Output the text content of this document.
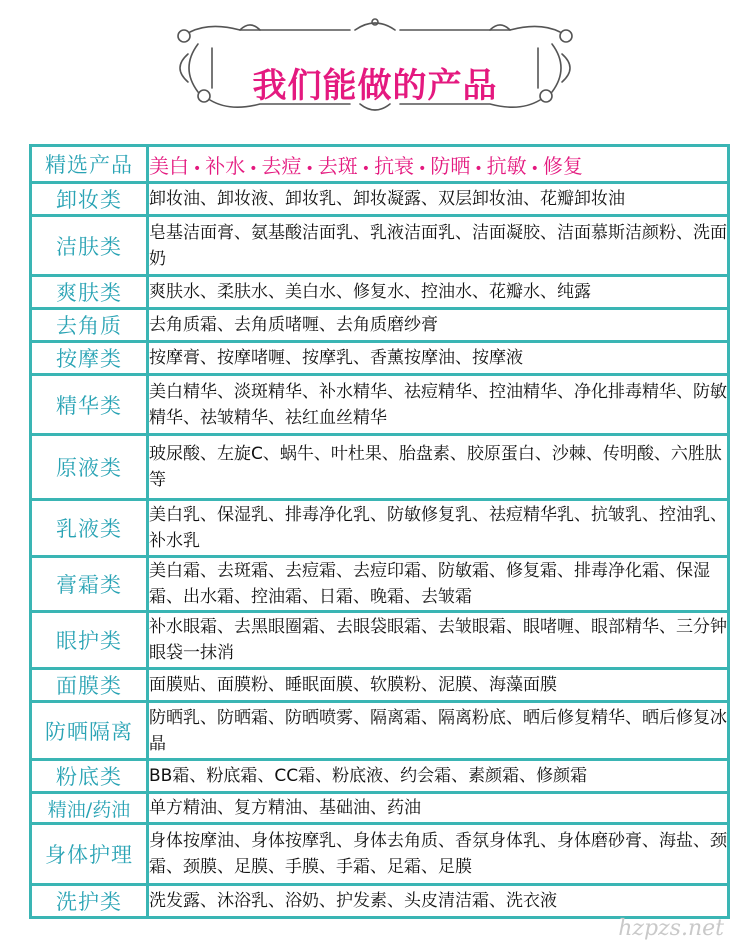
我们能做的产品
精选产品	美白 • 补水 • 去痘 • 去斑 • 抗衰 • 防晒 • 抗敏 • 修复
卸妆类	卸妆油、卸妆液、卸妆乳、卸妆凝露、双层卸妆油、花瓣卸妆油
洁肤类	皂基洁面膏、氨基酸洁面乳、乳液洁面乳、洁面凝胶、洁面慕斯洁颜粉、洗面奶
爽肤类	爽肤水、柔肤水、美白水、修复水、控油水、花瓣水、纯露
去角质	去角质霜、去角质啫喱、去角质磨纱膏
按摩类	按摩膏、按摩啫喱、按摩乳、香薰按摩油、按摩液
精华类	美白精华、淡斑精华、补水精华、祛痘精华、控油精华、净化排毒精华、防敏精华、祛皱精华、祛红血丝精华
原液类	玻尿酸、左旋C、蜗牛、叶杜果、胎盘素、胶原蛋白、沙棘、传明酸、六胜肽等
乳液类	美白乳、保湿乳、排毒净化乳、防敏修复乳、祛痘精华乳、抗皱乳、控油乳、补水乳
膏霜类	美白霜、去斑霜、去痘霜、去痘印霜、防敏霜、修复霜、排毒净化霜、保湿霜、出水霜、控油霜、日霜、晚霜、去皱霜
眼护类	补水眼霜、去黑眼圈霜、去眼袋眼霜、去皱眼霜、眼啫喱、眼部精华、三分钟眼袋一抹消
面膜类	面膜贴、面膜粉、睡眠面膜、软膜粉、泥膜、海藻面膜
防晒隔离	防晒乳、防晒霜、防晒喷雾、隔离霜、隔离粉底、晒后修复精华、晒后修复冰晶
粉底类	BB霜、粉底霜、CC霜、粉底液、约会霜、素颜霜、修颜霜
精油/药油	单方精油、复方精油、基础油、药油
身体护理	身体按摩油、身体按摩乳、身体去角质、香氛身体乳、身体磨砂膏、海盐、颈霜、颈膜、足膜、手膜、手霜、足霜、足膜
洗护类	洗发露、沐浴乳、浴奶、护发素、头皮清洁霜、洗衣液
hzpzs.net
